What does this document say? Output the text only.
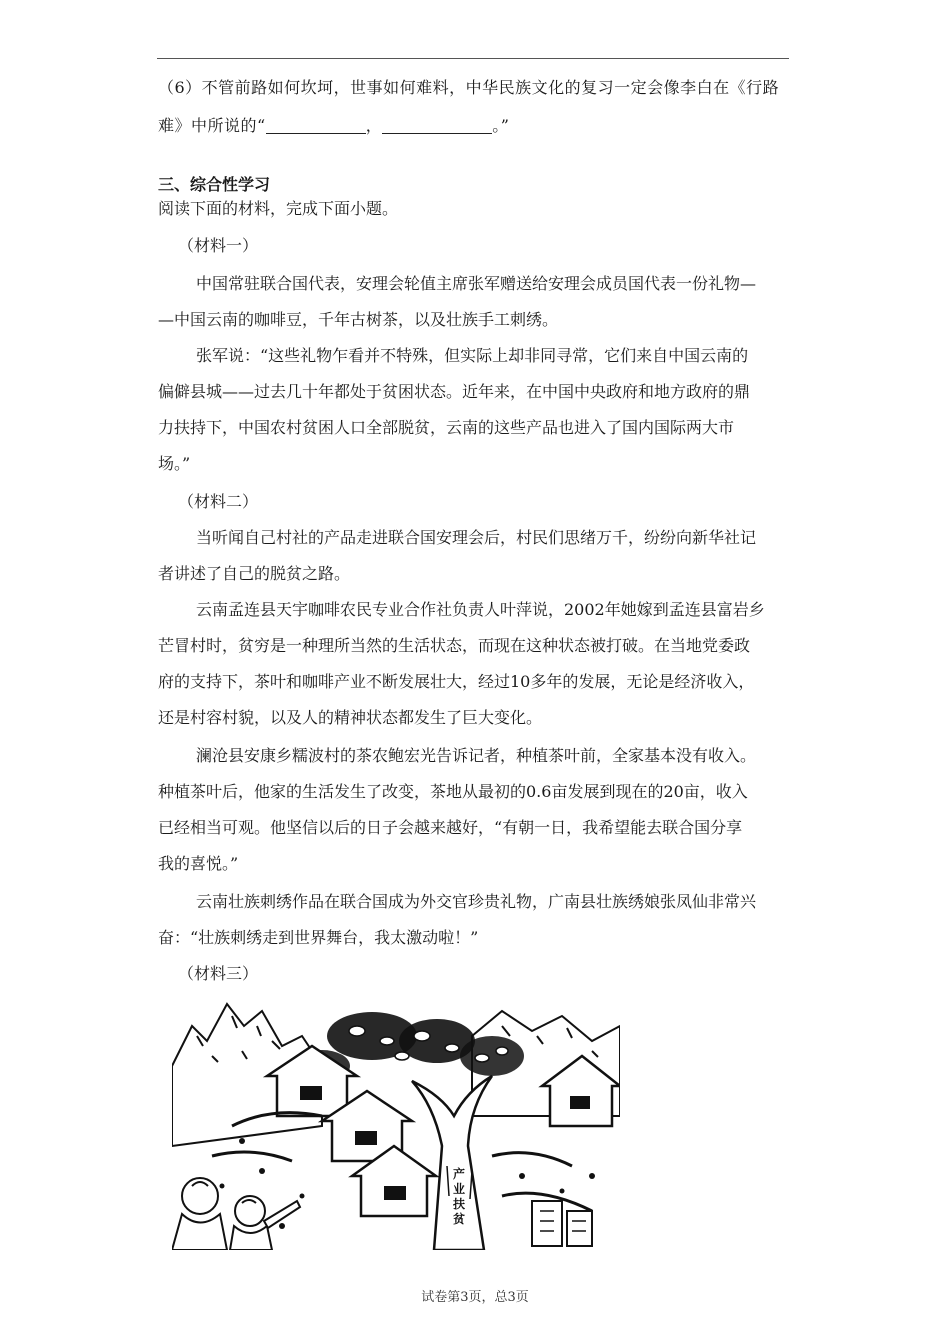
（6）不管前路如何坎坷，世事如何难料，中华民族文化的复习一定会像李白在《行路
难》中所说的“	，	。”
三、综合性学习
阅读下面的材料，完成下面小题。
（材料一）
中国常驻联合国代表，安理会轮值主席张军赠送给安理会成员国代表一份礼物—
—中国云南的咖啡豆，千年古树茶，以及壮族手工刺绣。
张军说：“这些礼物乍看并不特殊，但实际上却非同寻常，它们来自中国云南的
偏僻县城——过去几十年都处于贫困状态。近年来，在中国中央政府和地方政府的鼎
力扶持下，中国农村贫困人口全部脱贫，云南的这些产品也进入了国内国际两大市
场。”
（材料二）
当听闻自己村社的产品走进联合国安理会后，村民们思绪万千，纷纷向新华社记
者讲述了自己的脱贫之路。
云南孟连县天宇咖啡农民专业合作社负责人叶萍说，2002年她嫁到孟连县富岩乡
芒冒村时，贫穷是一种理所当然的生活状态，而现在这种状态被打破。在当地党委政
府的支持下，茶叶和咖啡产业不断发展壮大，经过10多年的发展，无论是经济收入，
还是村容村貌，以及人的精神状态都发生了巨大变化。
澜沧县安康乡糯波村的茶农鲍宏光告诉记者，种植茶叶前，全家基本没有收入。
种植茶叶后，他家的生活发生了改变，茶地从最初的0.6亩发展到现在的20亩，收入
已经相当可观。他坚信以后的日子会越来越好，“有朝一日，我希望能去联合国分享
我的喜悦。”
云南壮族刺绣作品在联合国成为外交官珍贵礼物，广南县壮族绣娘张凤仙非常兴
奋：“壮族刺绣走到世界舞台，我太激动啦！”
（材料三）
产业扶贫
试卷第3页，总3页
